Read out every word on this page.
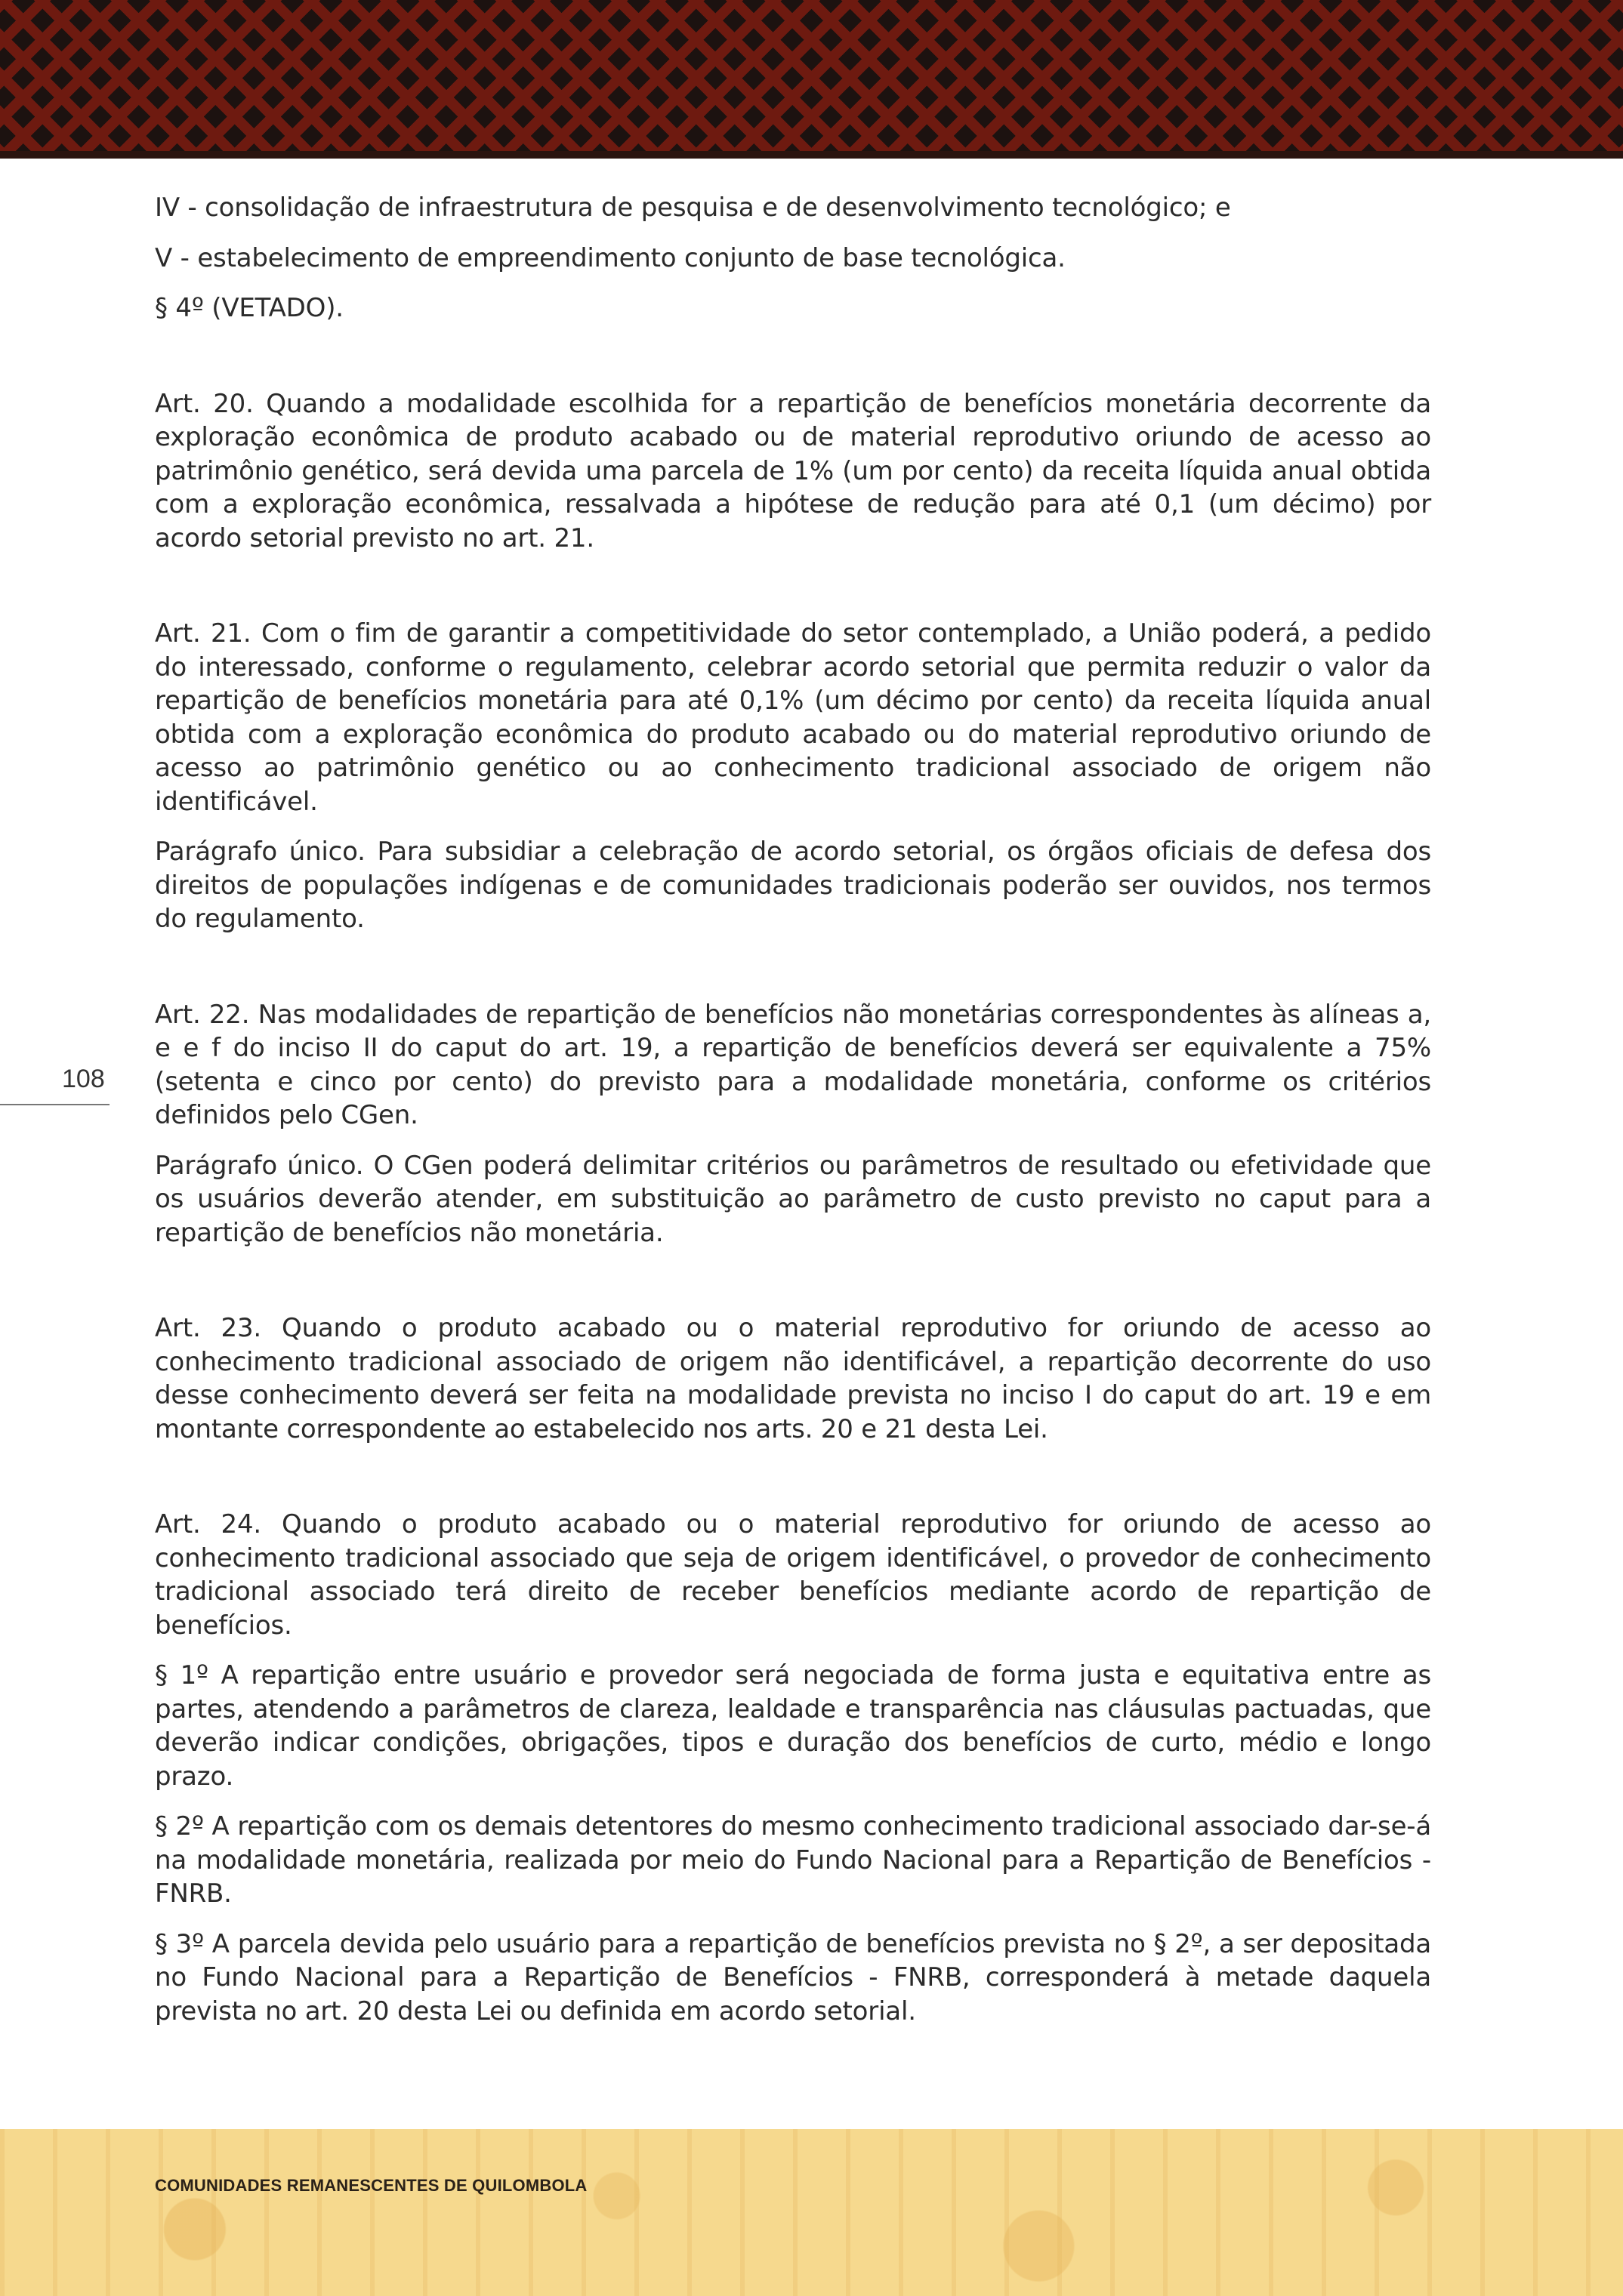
IV - consolidação de infraestrutura de pesquisa e de desenvolvimento tecnológico; e

V - estabelecimento de empreendimento conjunto de base tecnológica.

§ 4º (VETADO).

Art. 20. Quando a modalidade escolhida for a repartição de benefícios monetária decorrente da exploração econômica de produto acabado ou de material reprodutivo oriundo de acesso ao patrimônio genético, será devida uma parcela de 1% (um por cento) da receita líquida anual obtida com a exploração econômica, ressalvada a hipótese de redução para até 0,1 (um décimo) por acordo setorial previsto no art. 21.

Art. 21. Com o fim de garantir a competitividade do setor contemplado, a União poderá, a pedido do interessado, conforme o regulamento, celebrar acordo setorial que permita reduzir o valor da repartição de benefícios monetária para até 0,1% (um décimo por cento) da receita líquida anual obtida com a exploração econômica do produto acabado ou do material reprodutivo oriundo de acesso ao patrimônio genético ou ao conhecimento tradicional associado de origem não identificável.

Parágrafo único. Para subsidiar a celebração de acordo setorial, os órgãos oficiais de defesa dos direitos de populações indígenas e de comunidades tradicionais poderão ser ouvidos, nos termos do regulamento.

Art. 22. Nas modalidades de repartição de benefícios não monetárias correspondentes às alíneas a, e e f do inciso II do caput do art. 19, a repartição de benefícios deverá ser equivalente a 75% (setenta e cinco por cento) do previsto para a modalidade monetária, conforme os critérios definidos pelo CGen.

Parágrafo único. O CGen poderá delimitar critérios ou parâmetros de resultado ou efetividade que os usuários deverão atender, em substituição ao parâmetro de custo previsto no caput para a repartição de benefícios não monetária.

Art. 23. Quando o produto acabado ou o material reprodutivo for oriundo de acesso ao conhecimento tradicional associado de origem não identificável, a repartição decorrente do uso desse conhecimento deverá ser feita na modalidade prevista no inciso I do caput do art. 19 e em montante correspondente ao estabelecido nos arts. 20 e 21 desta Lei.

Art. 24. Quando o produto acabado ou o material reprodutivo for oriundo de acesso ao conhecimento tradicional associado que seja de origem identificável, o provedor de conhecimento tradicional associado terá direito de receber benefícios mediante acordo de repartição de benefícios.

§ 1º A repartição entre usuário e provedor será negociada de forma justa e equitativa entre as partes, atendendo a parâmetros de clareza, lealdade e transparência nas cláusulas pactuadas, que deverão indicar condições, obrigações, tipos e duração dos benefícios de curto, médio e longo prazo.

§ 2º A repartição com os demais detentores do mesmo conhecimento tradicional associado dar-se-á na modalidade monetária, realizada por meio do Fundo Nacional para a Repartição de Benefícios - FNRB.

§ 3º A parcela devida pelo usuário para a repartição de benefícios prevista no § 2º, a ser depositada no Fundo Nacional para a Repartição de Benefícios - FNRB, corresponderá à metade daquela prevista no art. 20 desta Lei ou definida em acordo setorial.

108
COMUNIDADES REMANESCENTES DE QUILOMBOLA
